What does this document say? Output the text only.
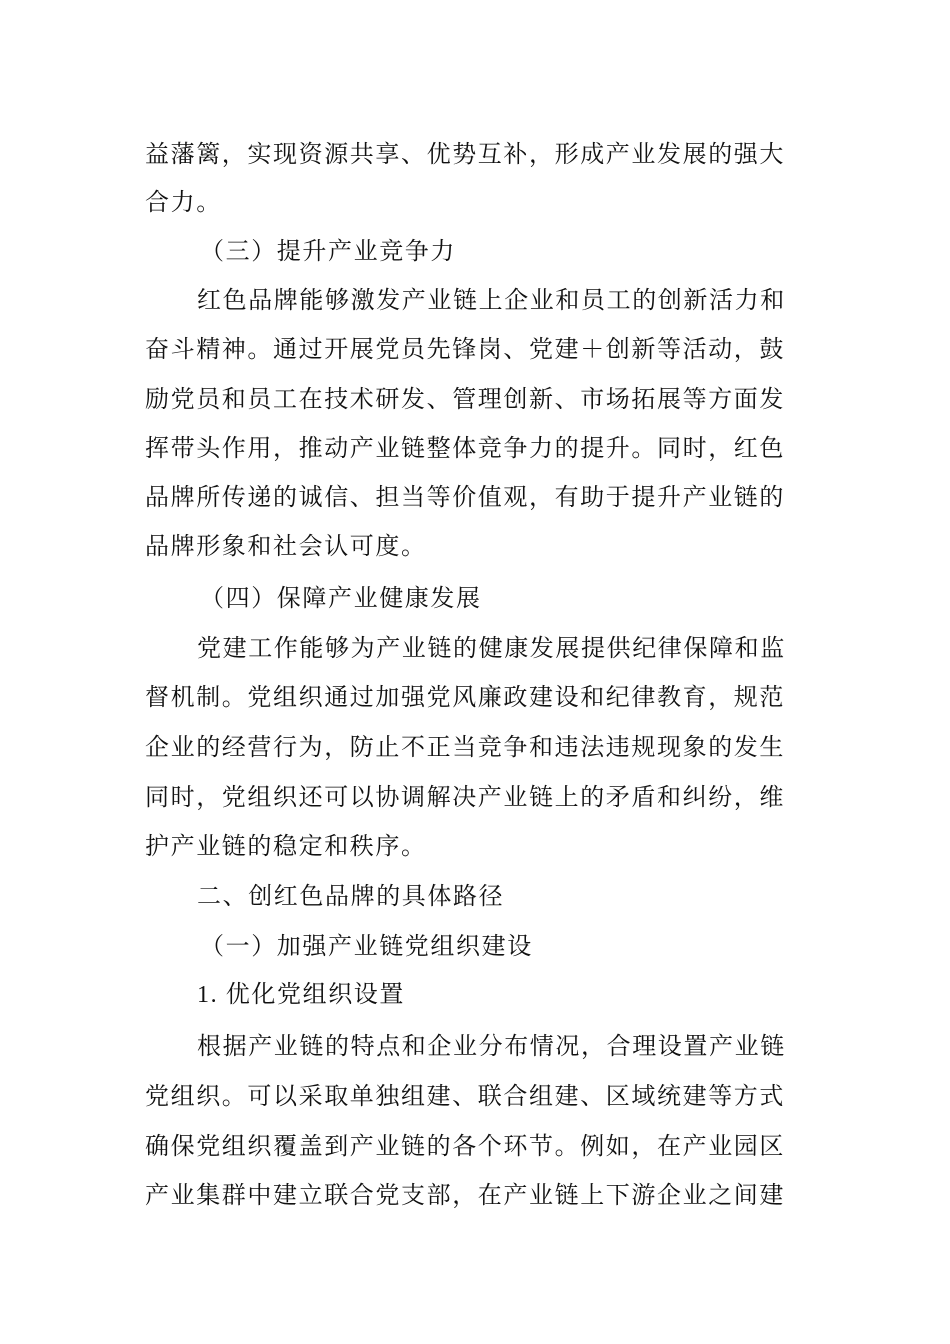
益藩篱，实现资源共享、优势互补，形成产业发展的强大
合力。
（三）提升产业竞争力
红色品牌能够激发产业链上企业和员工的创新活力和
奋斗精神。通过开展党员先锋岗、党建＋创新等活动，鼓
励党员和员工在技术研发、管理创新、市场拓展等方面发
挥带头作用，推动产业链整体竞争力的提升。同时，红色
品牌所传递的诚信、担当等价值观，有助于提升产业链的
品牌形象和社会认可度。
（四）保障产业健康发展
党建工作能够为产业链的健康发展提供纪律保障和监
督机制。党组织通过加强党风廉政建设和纪律教育，规范
企业的经营行为，防止不正当竞争和违法违规现象的发生
同时，党组织还可以协调解决产业链上的矛盾和纠纷，维
护产业链的稳定和秩序。
二、创红色品牌的具体路径
（一）加强产业链党组织建设
1. 优化党组织设置
根据产业链的特点和企业分布情况，合理设置产业链
党组织。可以采取单独组建、联合组建、区域统建等方式
确保党组织覆盖到产业链的各个环节。例如，在产业园区
产业集群中建立联合党支部，在产业链上下游企业之间建
